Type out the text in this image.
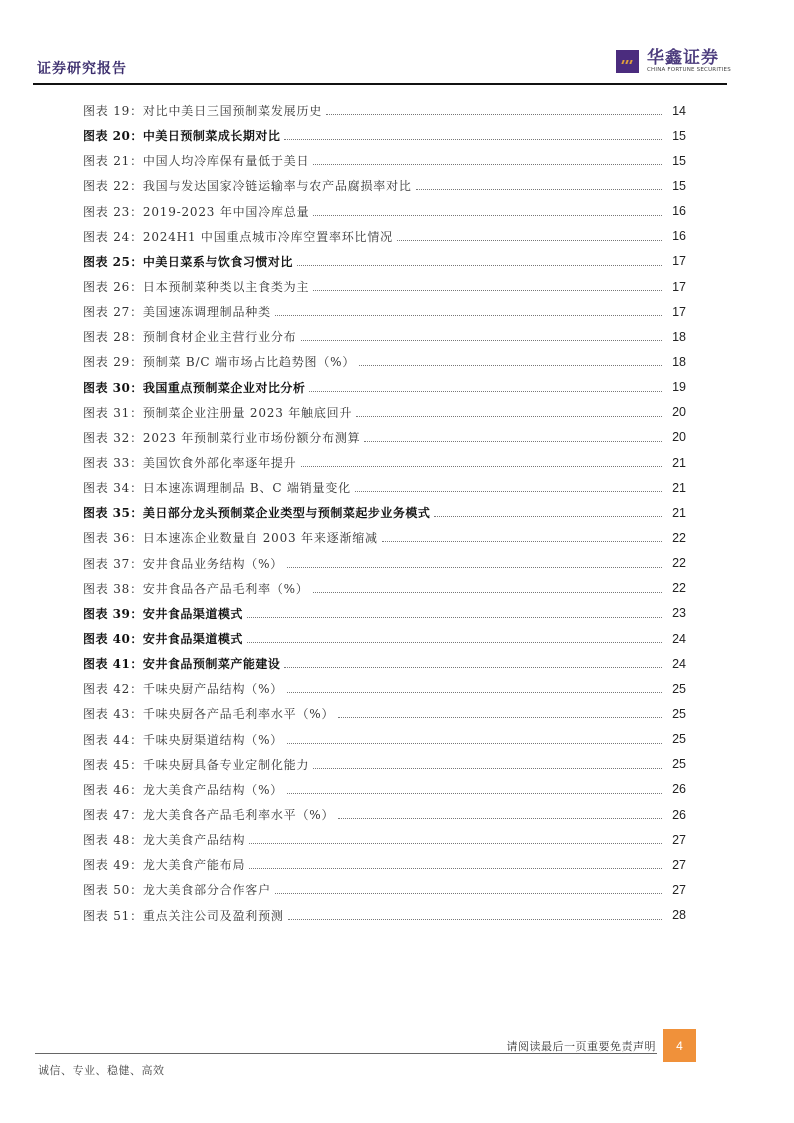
证券研究报告
华鑫证券
CHINA FORTUNE SECURITIES
图表 19：对比中美日三国预制菜发展历史	14
图表 20：中美日预制菜成长期对比	15
图表 21：中国人均冷库保有量低于美日	15
图表 22：我国与发达国家冷链运输率与农产品腐损率对比	15
图表 23：2019-2023 年中国冷库总量	16
图表 24：2024H1 中国重点城市冷库空置率环比情况	16
图表 25：中美日菜系与饮食习惯对比	17
图表 26：日本预制菜种类以主食类为主	17
图表 27：美国速冻调理制品种类	17
图表 28：预制食材企业主营行业分布	18
图表 29：预制菜 B/C 端市场占比趋势图（%）	18
图表 30：我国重点预制菜企业对比分析	19
图表 31：预制菜企业注册量 2023 年触底回升	20
图表 32：2023 年预制菜行业市场份额分布测算	20
图表 33：美国饮食外部化率逐年提升	21
图表 34：日本速冻调理制品 B、C 端销量变化	21
图表 35：美日部分龙头预制菜企业类型与预制菜起步业务模式	21
图表 36：日本速冻企业数量自 2003 年来逐渐缩减	22
图表 37：安井食品业务结构（%）	22
图表 38：安井食品各产品毛利率（%）	22
图表 39：安井食品渠道模式	23
图表 40：安井食品渠道模式	24
图表 41：安井食品预制菜产能建设	24
图表 42：千味央厨产品结构（%）	25
图表 43：千味央厨各产品毛利率水平（%）	25
图表 44：千味央厨渠道结构（%）	25
图表 45：千味央厨具备专业定制化能力	25
图表 46：龙大美食产品结构（%）	26
图表 47：龙大美食各产品毛利率水平（%）	26
图表 48：龙大美食产品结构	27
图表 49：龙大美食产能布局	27
图表 50：龙大美食部分合作客户	27
图表 51：重点关注公司及盈利预测	28
请阅读最后一页重要免责声明	4
诚信、专业、稳健、高效
